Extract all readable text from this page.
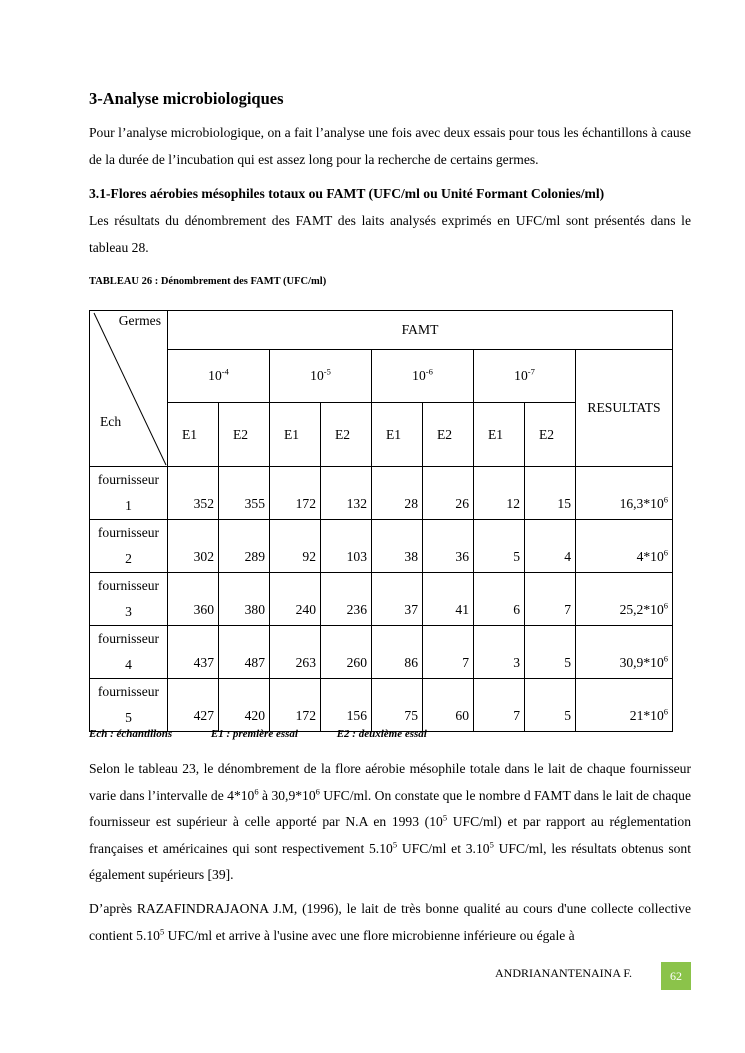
3-Analyse microbiologiques

Pour l’analyse microbiologique, on a fait l’analyse une fois avec deux essais pour tous les échantillons à cause de la durée de l’incubation qui est assez long pour la recherche de certains germes.

3.1-Flores aérobies mésophiles totaux ou FAMT (UFC/ml ou Unité Formant Colonies/ml)

Les résultats du dénombrement des FAMT des laits analysés exprimés en UFC/ml sont présentés dans le tableau 28.

TABLEAU 26 : Dénombrement des FAMT (UFC/ml)
Germes
Ech	FAMT								
	$10^{-4}$		$10^{-5}$		$10^{-6}$		$10^{-7}$		RESULTATS
	E1	E2	E1	E2	E1	E2	E1	E2	
fournisseur
1	352	355	172	132	28	26	12	15	$16,3*10^6$
fournisseur
2	302	289	92	103	38	36	5	4	$4*10^6$
fournisseur
3	360	380	240	236	37	41	6	7	$25,2*10^6$
fournisseur
4	437	487	263	260	86	7	3	5	$30,9*10^6$
fournisseur
5	427	420	172	156	75	60	7	5	$21*10^6$
Ech : échantillons	E1 : première essai	E2 : deuxième essai

Selon le tableau 23, le dénombrement de la flore aérobie mésophile totale dans le lait de chaque fournisseur varie dans l’intervalle de $4*10^6$ à $30,9*10^6$ UFC/ml. On constate que le nombre d FAMT dans le lait de chaque fournisseur est supérieur à celle apporté par N.A en 1993 ($10^5$ UFC/ml) et par rapport au réglementation françaises et américaines qui sont respectivement 5.10$^5$ UFC/ml et 3.10$^5$ UFC/ml, les résultats obtenus sont également supérieurs [39].

D’après RAZAFINDRAJAONA J.M, (1996), le lait de très bonne qualité au cours d'une collecte collective contient 5.10$^5$ UFC/ml et arrive à l'usine avec une flore microbienne inférieure ou égale à

ANDRIANANTENAINA F.	62
